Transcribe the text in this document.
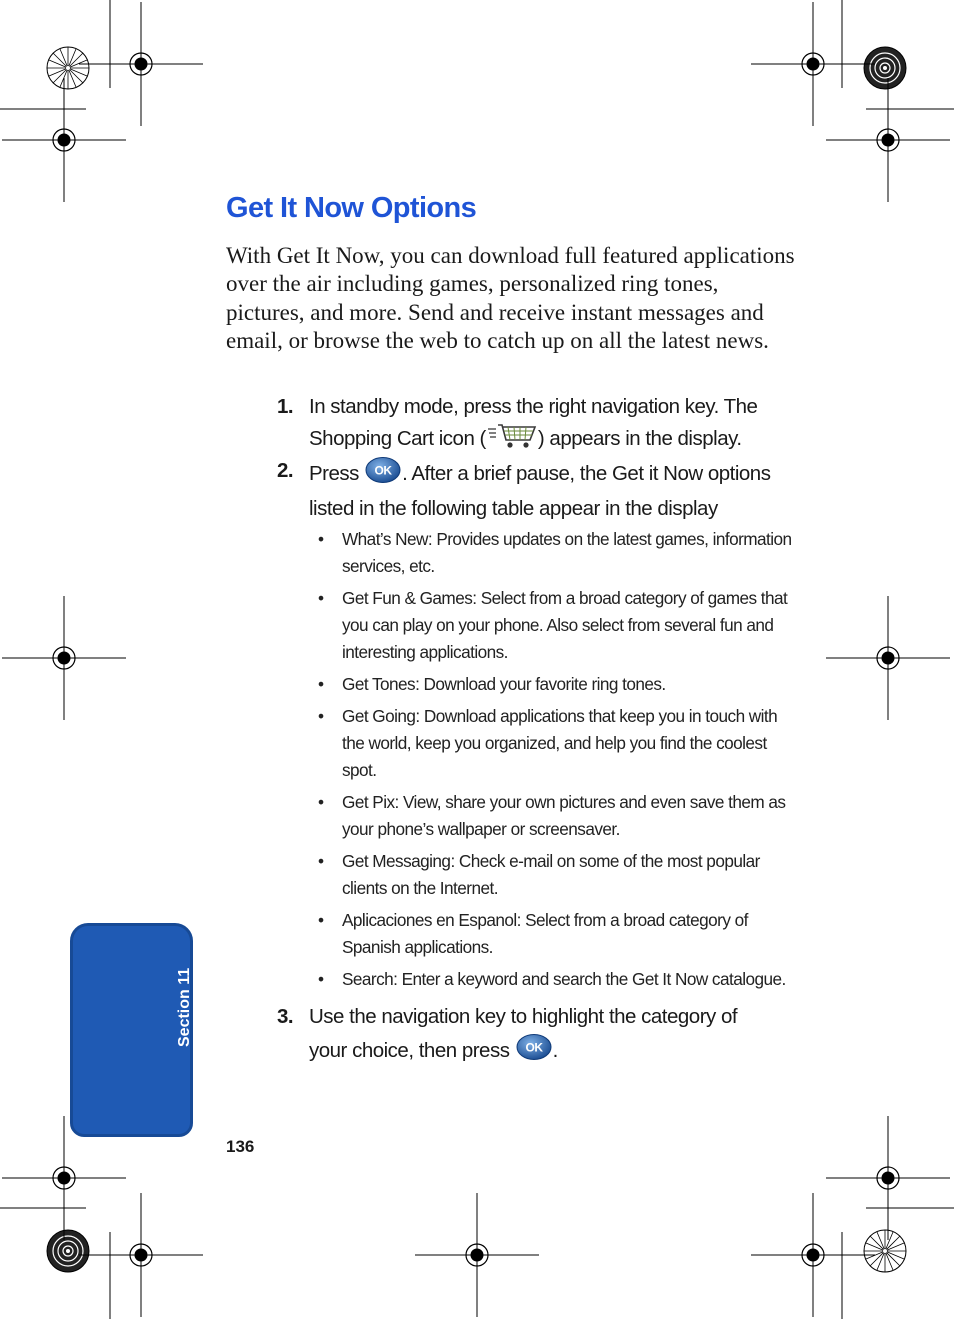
Get It Now Options

With Get It Now, you can download full featured applications over the air including games, personalized ring tones, pictures, and more. Send and receive instant messages and email, or browse the web to catch up on all the latest news.

1. In standby mode, press the right navigation key. The
Shopping Cart icon (	) appears in the display.
2. Press OK . After a brief pause, the Get it Now options
listed in the following table appear in the display
• What’s New: Provides updates on the latest games, information services, etc.
• Get Fun & Games: Select from a broad category of games that you can play on your phone. Also select from several fun and interesting applications.
• Get Tones: Download your favorite ring tones.
• Get Going: Download applications that keep you in touch with the world, keep you organized, and help you find the coolest spot.
• Get Pix: View, share your own pictures and even save them as your phone’s wallpaper or screensaver.
• Get Messaging: Check e-mail on some of the most popular clients on the Internet.
• Aplicaciones en Espanol: Select from a broad category of Spanish applications.
• Search: Enter a keyword and search the Get It Now catalogue.
3. Use the navigation key to highlight the category of
your choice, then press OK .
Section 11
136
